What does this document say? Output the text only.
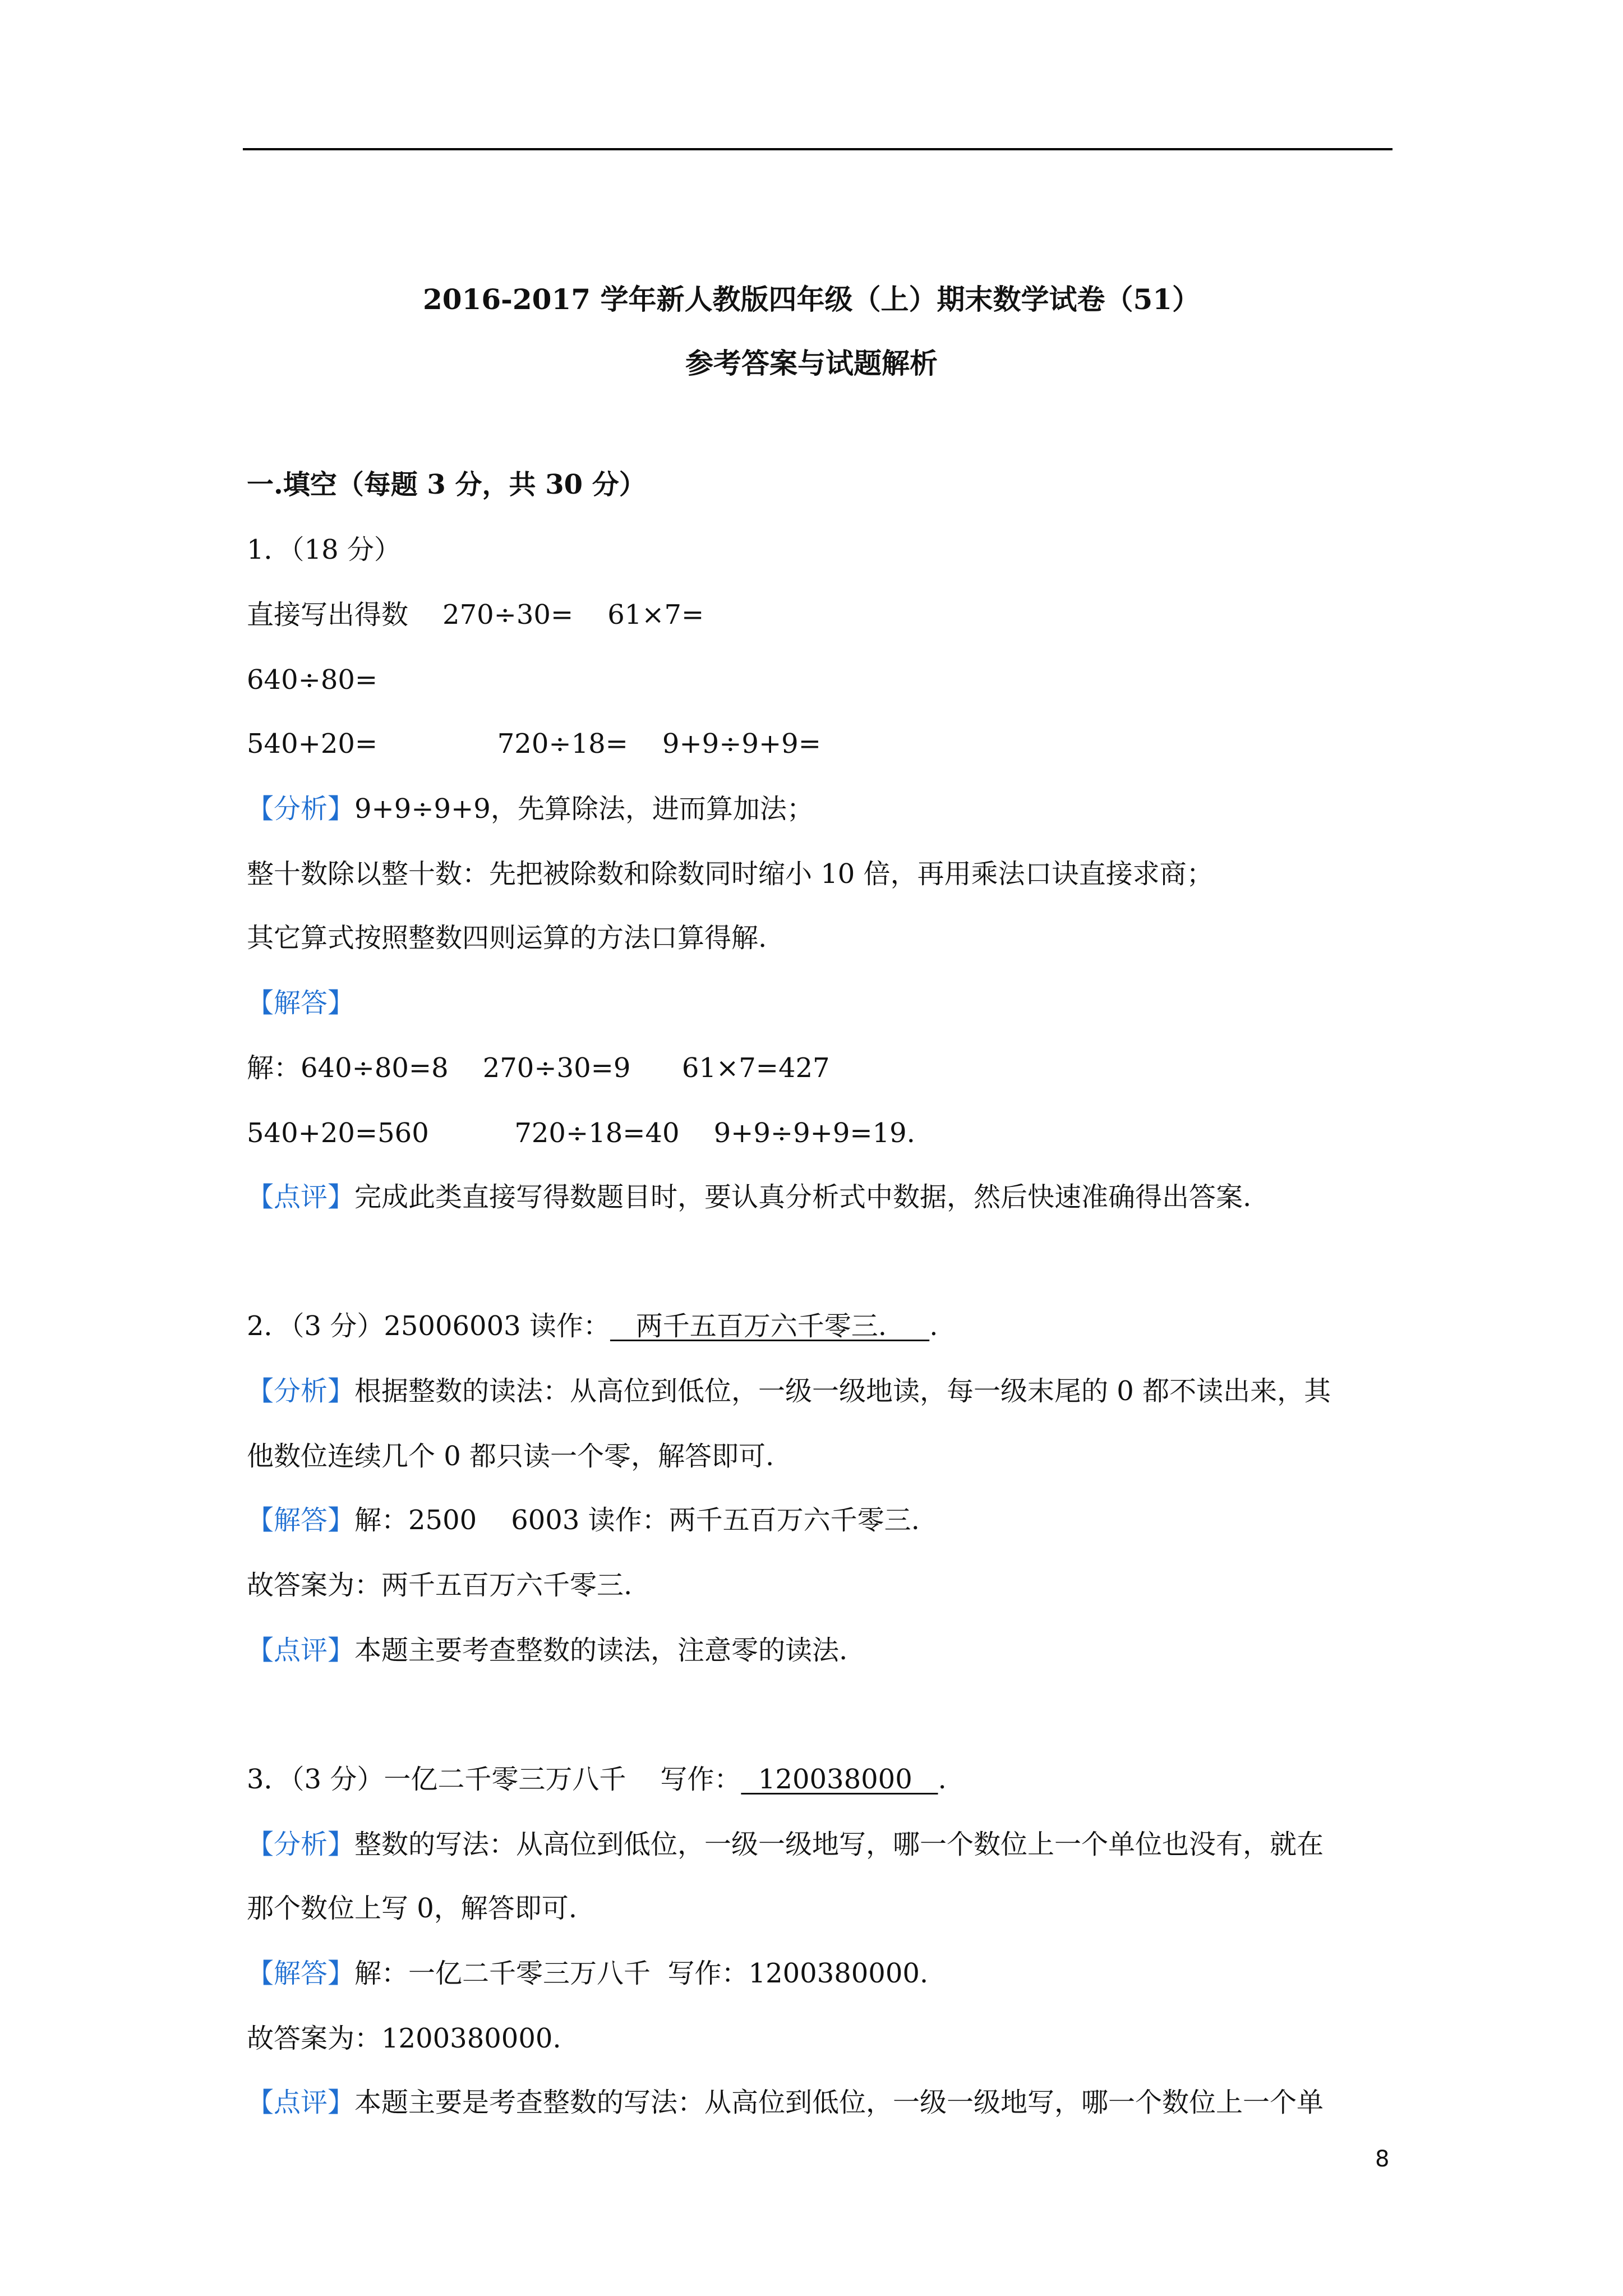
2016-2017 学年新人教版四年级（上）期末数学试卷（51）
参考答案与试题解析
一.填空（每题 3 分，共 30 分）
1．（18 分）
直接写出得数    270÷30=    61×7=
640÷80=
540+20=              720÷18=    9+9÷9+9=
【分析】9+9÷9+9，先算除法，进而算加法；
整十数除以整十数：先把被除数和除数同时缩小 10 倍，再用乘法口诀直接求商；
其它算式按照整数四则运算的方法口算得解.
【解答】
解：640÷80=8    270÷30=9      61×7=427
540+20=560          720÷18=40    9+9÷9+9=19.
【点评】完成此类直接写得数题目时，要认真分析式中数据，然后快速准确得出答案.
2．（3 分）25006003 读作：   两千五百万六千零三.     .
【分析】根据整数的读法：从高位到低位，一级一级地读，每一级末尾的 0 都不读出来，其
他数位连续几个 0 都只读一个零，解答即可.
【解答】解：2500    6003 读作：两千五百万六千零三.
故答案为：两千五百万六千零三.
【点评】本题主要考查整数的读法，注意零的读法.
3．（3 分）一亿二千零三万八千    写作：  120038000   .
【分析】整数的写法：从高位到低位，一级一级地写，哪一个数位上一个单位也没有，就在
那个数位上写 0，解答即可.
【解答】解：一亿二千零三万八千  写作：1200380000.
故答案为：1200380000.
【点评】本题主要是考查整数的写法：从高位到低位，一级一级地写，哪一个数位上一个单
8
